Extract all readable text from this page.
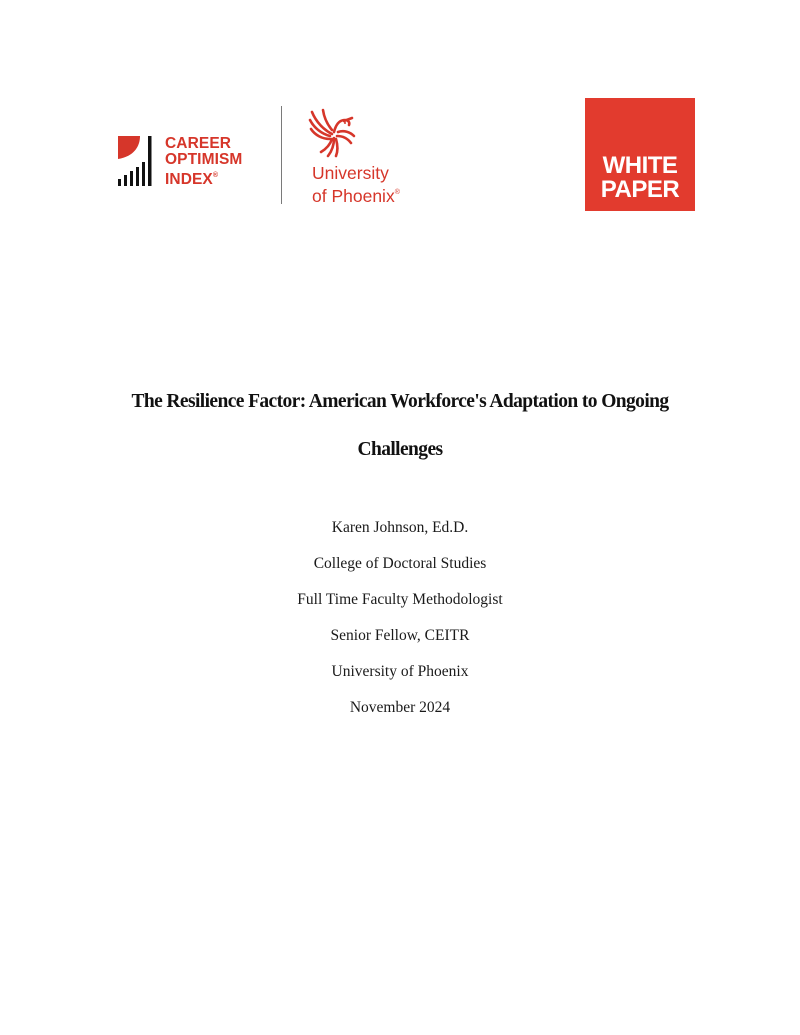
CAREER
OPTIMISM
INDEX®	University
of Phoenix®
WHITE
PAPER
The Resilience Factor: American Workforce's Adaptation to Ongoing
Challenges
Karen Johnson, Ed.D.
College of Doctoral Studies
Full Time Faculty Methodologist
Senior Fellow, CEITR
University of Phoenix
November 2024
